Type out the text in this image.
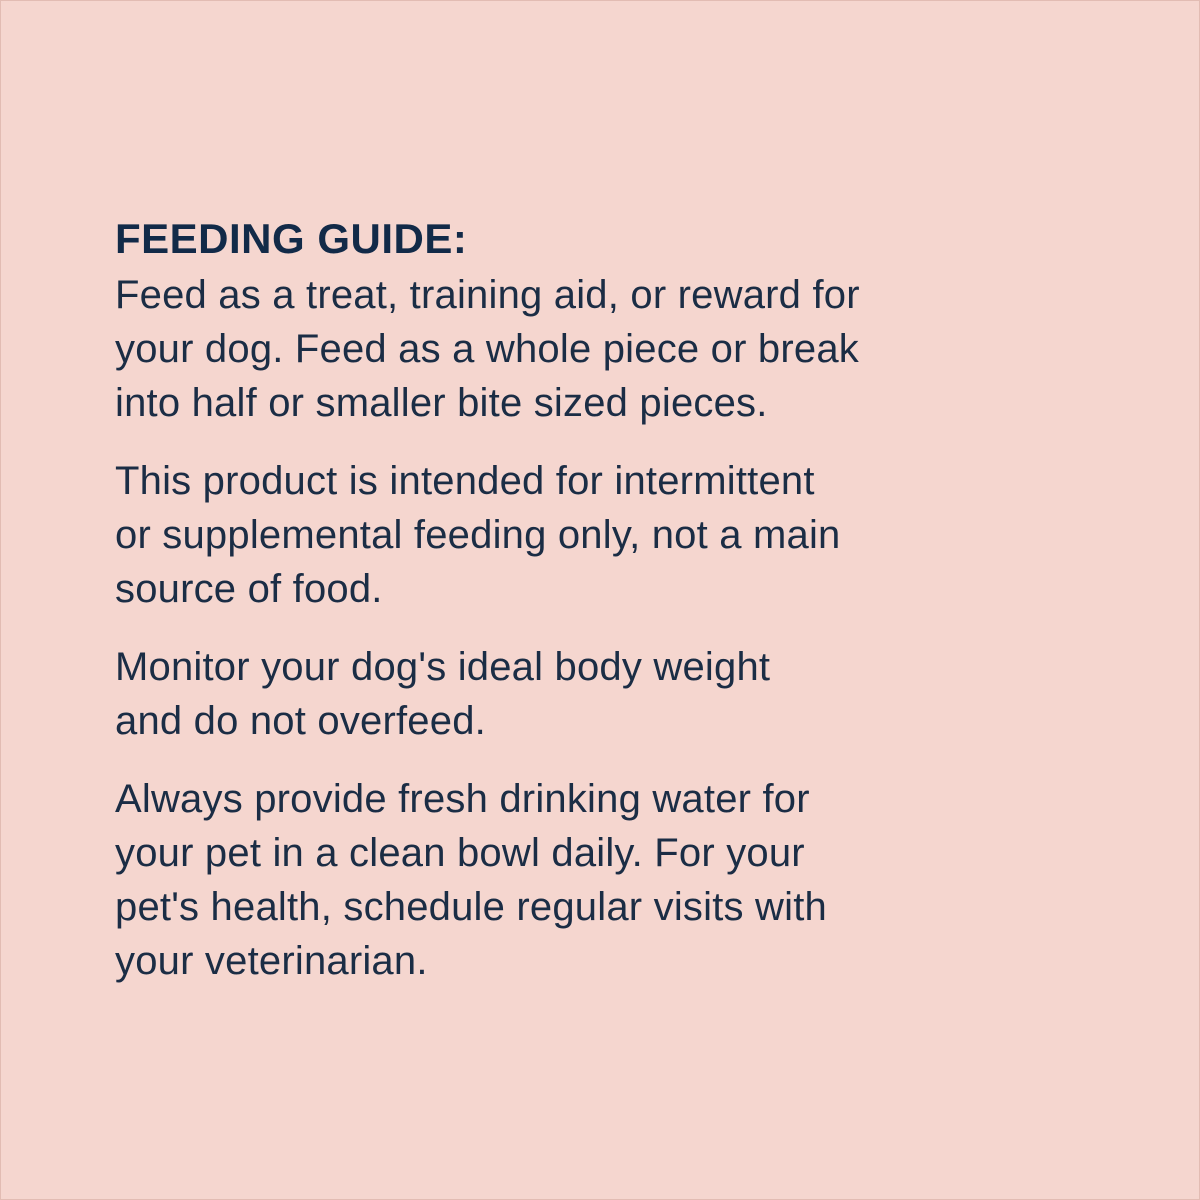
FEEDING GUIDE:

Feed as a treat, training aid, or reward for
your dog. Feed as a whole piece or break
into half or smaller bite sized pieces.

This product is intended for intermittent
or supplemental feeding only, not a main
source of food.

Monitor your dog's ideal body weight
and do not overfeed.

Always provide fresh drinking water for
your pet in a clean bowl daily. For your
pet's health, schedule regular visits with
your veterinarian.
